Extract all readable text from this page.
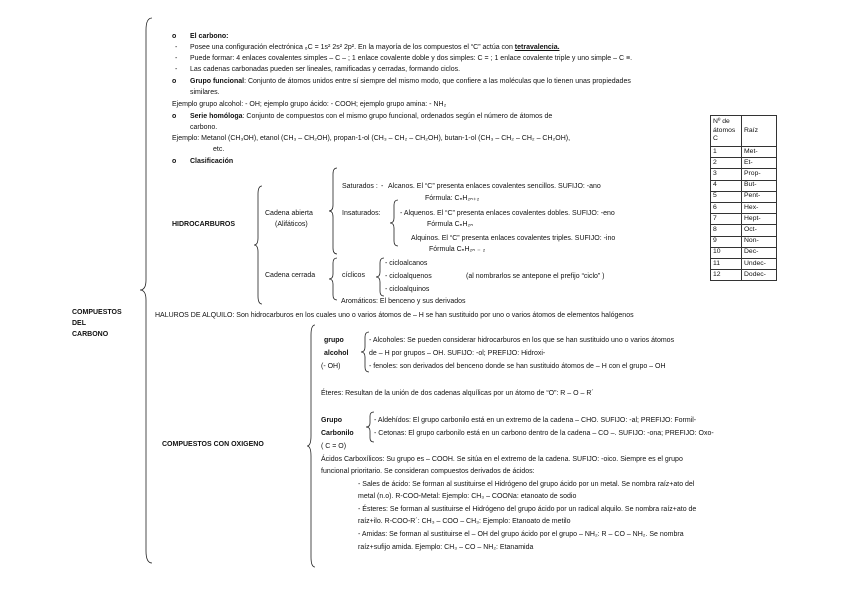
COMPUESTOS
DEL
CARBONO
o El carbono:
- Posee una configuración electrónica ₆C = 1s² 2s² 2p². En la mayoría de los compuestos el “C” actúa con tetravalencia.
- Puede formar: 4 enlaces covalentes simples – C – ; 1 enlace covalente doble y dos simples: C = ; 1 enlace covalente triple y uno simple – C ≡.
- Las cadenas carbonadas pueden ser lineales, ramificadas y cerradas, formando ciclos.
o Grupo funcional: Conjunto de átomos unidos entre sí siempre del mismo modo, que confiere a las moléculas que lo tienen unas propiedades
similares.
Ejemplo grupo alcohol: - OH; ejemplo grupo ácido: - COOH; ejemplo grupo amina: - NH₂
o Serie homóloga: Conjunto de compuestos con el mismo grupo funcional, ordenados según el número de átomos de
carbono.
Ejemplo: Metanol (CH₃OH), etanol (CH₃ – CH₂OH), propan-1-ol (CH₃ – CH₂ – CH₂OH), butan-1-ol (CH₃ – CH₂ – CH₂ – CH₂OH),
etc.
o Clasificación
Nº de átomos C	Raíz
1	Met-
2	Et-
3	Prop-
4	But-
5	Pent-
6	Hex-
7	Hept-
8	Oct-
9	Non-
10	Dec-
11	Undec-
12	Dodec-
HIDROCARBUROS
Cadena abierta
(Alifáticos)
Saturados : - Alcanos. El “C” presenta enlaces covalentes sencillos. SUFIJO: -ano
Fórmula: CₙH₂ₙ₊₂
Insaturados:	- Alquenos. El “C” presenta enlaces covalentes dobles. SUFIJO: -eno
Fórmula CₙH₂ₙ
Alquinos. El “C” presenta enlaces covalentes triples. SUFIJO: -ino
Fórmula CₙH₂ₙ ₋ ₂
Cadena cerrada	cíclicos
- cicloalcanos
- cicloalquenos	(al nombrarlos se antepone el prefijo “ciclo” )
- cicloalquinos
Aromáticos: El benceno y sus derivados
HALUROS DE ALQUILO: Son hidrocarburos en los cuales uno o varios átomos de – H se han sustituido por uno o varios átomos de elementos halógenos
COMPUESTOS CON OXIGENO
grupo
alcohol
(- OH)
- Alcoholes: Se pueden considerar hidrocarburos en los que se han sustituido uno o varios átomos
de – H por grupos – OH. SUFIJO: -ol; PREFIJO: Hidroxi-
- fenoles: son derivados del benceno donde se han sustituido átomos de – H con el grupo – OH
Éteres: Resultan de la unión de dos cadenas alquílicas por un átomo de “O”: R – O – R´
Grupo
Carbonilo
( C = O)
- Aldehídos: El grupo carbonilo está en un extremo de la cadena – CHO. SUFIJO: -al; PREFIJO: Formil-
- Cetonas: El grupo carbonilo está en un carbono dentro de la cadena – CO –. SUFIJO: -ona; PREFIJO: Oxo-
Ácidos Carboxílicos: Su grupo es – COOH. Se sitúa en el extremo de la cadena. SUFIJO: -oico. Siempre es el grupo
funcional prioritario. Se consideran compuestos derivados de ácidos:
- Sales de ácido: Se forman al sustituirse el Hidrógeno del grupo ácido por un metal. Se nombra raíz+ato del
metal (n.o). R-COO-Metal: Ejemplo: CH₃ – COONa: etanoato de sodio
- Ésteres: Se forman al sustituirse el Hidrógeno del grupo ácido por un radical alquilo. Se nombra raíz+ato de
raíz+ilo. R-COO-R´: CH₃ – COO – CH₃: Ejemplo: Etanoato de metilo
- Amidas: Se forman al sustituirse el – OH del grupo ácido por el grupo – NH₂: R – CO – NH₂. Se nombra
raíz+sufijo amida. Ejemplo: CH₃ – CO – NH₂: Etanamida
